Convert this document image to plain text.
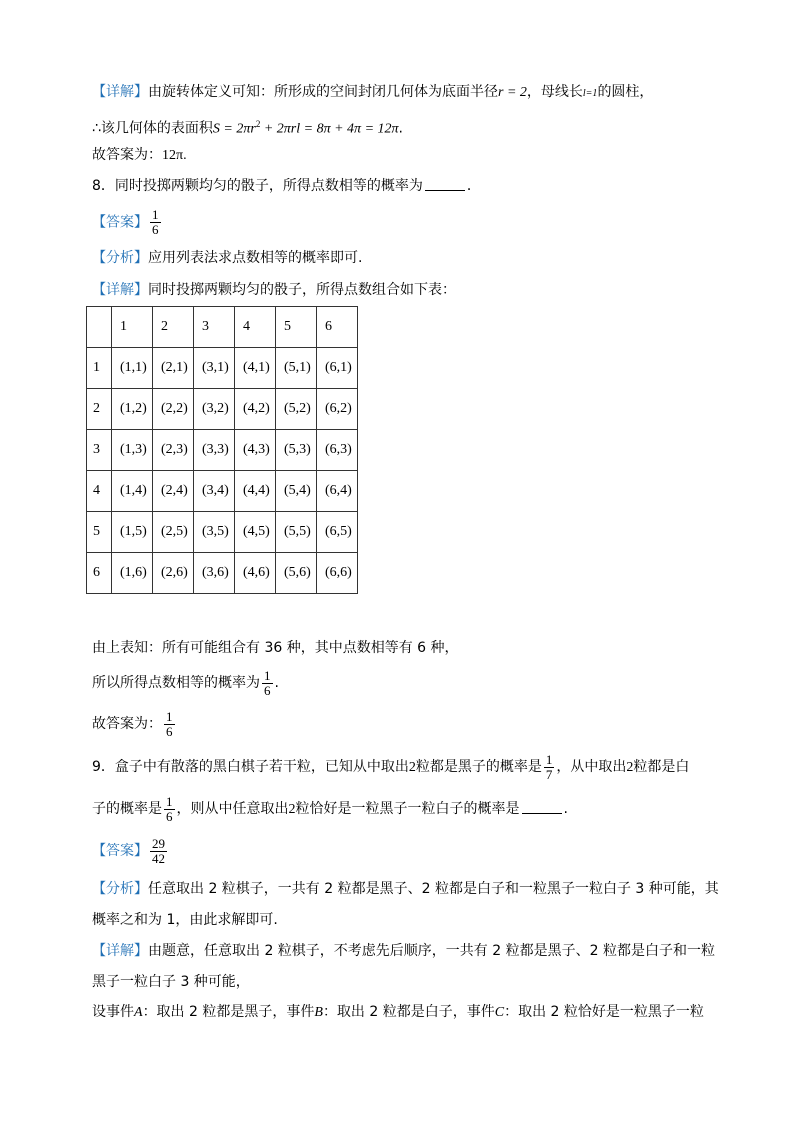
【详解】由旋转体定义可知：所形成的空间封闭几何体为底面半径r = 2，母线长l=1的圆柱，
∴该几何体的表面积$S = 2\pi r^2 + 2\pi rl = 8\pi + 4\pi = 12\pi$.
故答案为：12π.
8．同时投掷两颗均匀的骰子，所得点数相等的概率为	．
【答案】 $\frac{1}{6}$
【分析】应用列表法求点数相等的概率即可.
【详解】同时投掷两颗均匀的骰子，所得点数组合如下表：
	1	2	3	4	5	6
1	(1,1)	(2,1)	(3,1)	(4,1)	(5,1)	(6,1)
2	(1,2)	(2,2)	(3,2)	(4,2)	(5,2)	(6,2)
3	(1,3)	(2,3)	(3,3)	(4,3)	(5,3)	(6,3)
4	(1,4)	(2,4)	(3,4)	(4,4)	(5,4)	(6,4)
5	(1,5)	(2,5)	(3,5)	(4,5)	(5,5)	(6,5)
6	(1,6)	(2,6)	(3,6)	(4,6)	(5,6)	(6,6)
由上表知：所有可能组合有 36 种，其中点数相等有 6 种，
所以所得点数相等的概率为 $\frac{1}{6}$ .
故答案为： $\frac{1}{6}$
9．盒子中有散落的黑白棋子若干粒，已知从中取出2粒都是黑子的概率是 $\frac{1}{7}$ ，从中取出2粒都是白
子的概率是 $\frac{1}{6}$ ，则从中任意取出2粒恰好是一粒黑子一粒白子的概率是	.
【答案】 $\frac{29}{42}$
【分析】任意取出 2 粒棋子，一共有 2 粒都是黑子、2 粒都是白子和一粒黑子一粒白子 3 种可能，其
概率之和为 1，由此求解即可.
【详解】由题意，任意取出 2 粒棋子，不考虑先后顺序，一共有 2 粒都是黑子、2 粒都是白子和一粒
黑子一粒白子 3 种可能，
设事件A：取出 2 粒都是黑子，事件B：取出 2 粒都是白子，事件C：取出 2 粒恰好是一粒黑子一粒
